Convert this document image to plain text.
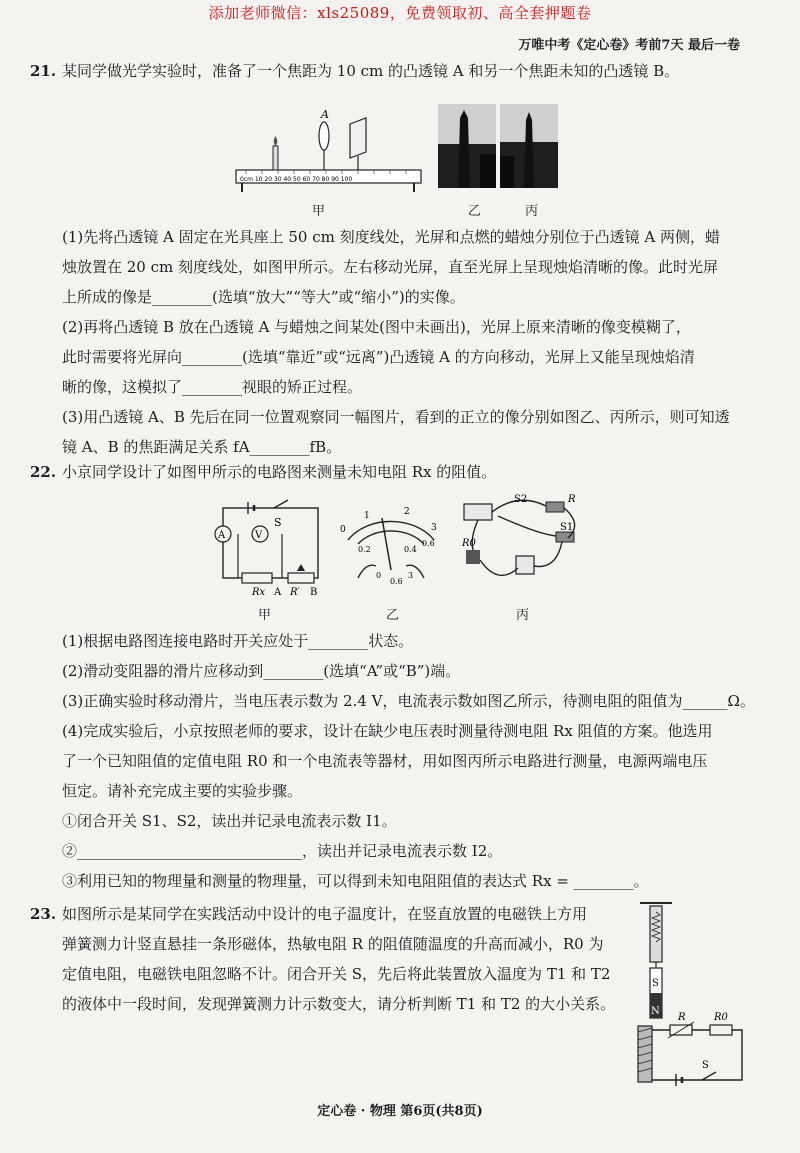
添加老师微信：xls25089，免费领取初、高全套押题卷
万唯中考《定心卷》考前7天 最后一卷
21. 某同学做光学实验时，准备了一个焦距为 10 cm 的凸透镜 A 和另一个焦距未知的凸透镜 B。
0cm 10 20 30 40 50 60 70 80 90 100
A
甲	乙	丙
(1)先将凸透镜 A 固定在光具座上 50 cm 刻度线处，光屏和点燃的蜡烛分别位于凸透镜 A 两侧，蜡
烛放置在 20 cm 刻度线处，如图甲所示。左右移动光屏，直至光屏上呈现烛焰清晰的像。此时光屏
上所成的像是________(选填“放大”“等大”或“缩小”)的实像。
(2)再将凸透镜 B 放在凸透镜 A 与蜡烛之间某处(图中未画出)，光屏上原来清晰的像变模糊了，
此时需要将光屏向________(选填“靠近”或“远离”)凸透镜 A 的方向移动，光屏上又能呈现烛焰清
晰的像，这模拟了________视眼的矫正过程。
(3)用凸透镜 A、B 先后在同一位置观察同一幅图片，看到的正立的像分别如图乙、丙所示，则可知透
镜 A、B 的焦距满足关系 fA________fB。
22. 小京同学设计了如图甲所示的电路图来测量未知电阻 Rx 的阻值。
S
A	V
Rx A R′ B
0
1	2
3
0.2	0.4
0.6
0
0.6
3
S2	R
S1
R0
甲	乙	丙
(1)根据电路图连接电路时开关应处于________状态。
(2)滑动变阻器的滑片应移动到________(选填“A”或“B”)端。
(3)正确实验时移动滑片，当电压表示数为 2.4 V，电流表示数如图乙所示，待测电阻的阻值为______Ω。
(4)完成实验后，小京按照老师的要求，设计在缺少电压表时测量待测电阻 Rx 阻值的方案。他选用
了一个已知阻值的定值电阻 R0 和一个电流表等器材，用如图丙所示电路进行测量，电源两端电压
恒定。请补充完成主要的实验步骤。
①闭合开关 S1、S2，读出并记录电流表示数 I1。
②______________________________，读出并记录电流表示数 I2。
③利用已知的物理量和测量的物理量，可以得到未知电阻阻值的表达式 Rx = ________。
23. 如图所示是某同学在实践活动中设计的电子温度计，在竖直放置的电磁铁上方用
弹簧测力计竖直悬挂一条形磁体，热敏电阻 R 的阻值随温度的升高而减小，R0 为
定值电阻，电磁铁电阻忽略不计。闭合开关 S，先后将此装置放入温度为 T1 和 T2
的液体中一段时间，发现弹簧测力计示数变大，请分析判断 T1 和 T2 的大小关系。
S
N
R	R0
S
定心卷 · 物理 第6页(共8页)
